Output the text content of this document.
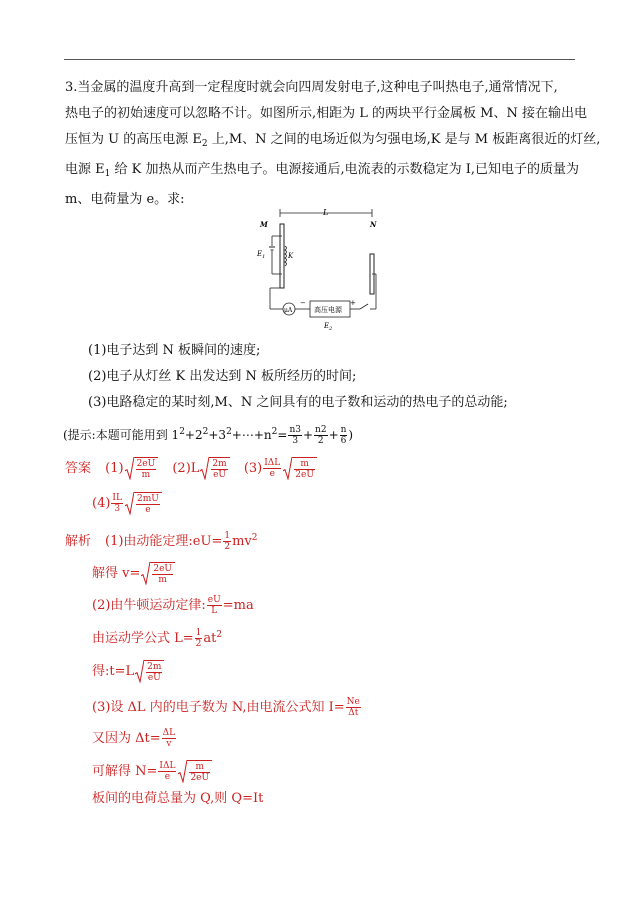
3.当金属的温度升高到一定程度时就会向四周发射电子,这种电子叫热电子,通常情况下,
热电子的初始速度可以忽略不计。如图所示,相距为 L 的两块平行金属板 M、N 接在输出电
压恒为 U 的高压电源 $E_2$ 上,M、N 之间的电场近似为匀强电场,K 是与 M 板距离很近的灯丝,
电源 $E_1$ 给 K 加热从而产生热电子。电源接通后,电流表的示数稳定为 I,已知电子的质量为
m、电荷量为 e。求:
L
M	N
K
$E_1$
μA
−
高压电源
+
$E_2$
(1)电子达到 N 板瞬间的速度;
(2)电子从灯丝 K 出发达到 N 板所经历的时间;
(3)电路稳定的某时刻,M、N 之间具有的电子数和运动的热电子的总动能;
(提示:本题可能用到 $1^2+2^2+3^2+\cdots+n^2= \frac{n3}{3} + \frac{n2}{2} + \frac{n}{6}$ )
答案 $(1) \frac{2eU}{m} (2)L \frac{2m}{eU} (3) \frac{\text{IΔL}}{e} \frac{m}{2eU}$
$(4) \frac{IL}{3} \frac{2mU}{e}$
解析 (1)由动能定理:eU= $\frac{1}{2} mv^2$
解得 $v= \frac{2eU}{m}$
(2)由牛顿运动定律: $\frac{eU}{L} =ma$
由运动学公式 $L= \frac{1}{2} at^2$
得:t=L $\frac{2m}{eU}$
(3)设 ΔL 内的电子数为 N,由电流公式知 $I= \frac{Ne}{\Delta t}$
又因为 $\Delta t= \frac{\Delta L}{v}$
可解得 $N= \frac{\text{IΔL}}{e} \frac{m}{2eU}$
板间的电荷总量为 Q,则 Q=It
